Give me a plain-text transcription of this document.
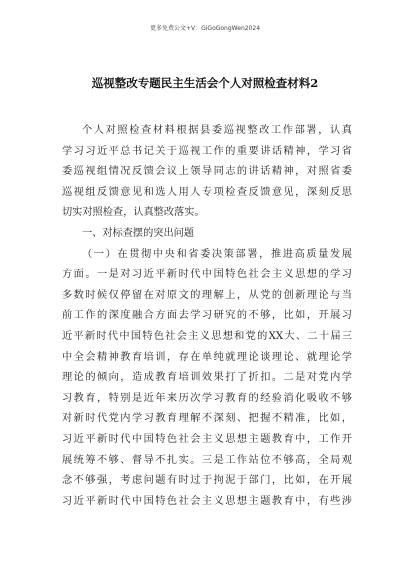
更多免费公文+V：GiGoGongWen2024
巡视整改专题民主生活会个人对照检查材料2
个人对照检查材料根据县委巡视整改工作部署，认真
学习习近平总书记关于巡视工作的重要讲话精神，学习省
委巡视组情况反馈会议上领导同志的讲话精神，对照省委
巡视组反馈意见和选人用人专项检查反馈意见，深刻反思
切实对照检查，认真整改落实。
一、对标查摆的突出问题
（一）在贯彻中央和省委决策部署，推进高质量发展
方面。一是对习近平新时代中国特色社会主义思想的学习
多数时候仅停留在对原文的理解上，从党的创新理论与当
前工作的深度融合方面去学习研究的不够，比如，开展习
近平新时代中国特色社会主义思想和党的XX大、二十届三
中全会精神教育培训，存在单纯就理论谈理论、就理论学
理论的倾向，造成教育培训效果打了折扣。二是对党内学
习教育，特别是近年来历次学习教育的经验消化吸收不够
对新时代党内学习教育理解不深刻、把握不精准，比如，
习近平新时代中国特色社会主义思想主题教育中，工作开
展统筹不够、督导不扎实。三是工作站位不够高，全局观
念不够强，考虑问题有时过于拘泥于部门，比如，在开展
习近平新时代中国特色社会主义思想主题教育中，有些涉
